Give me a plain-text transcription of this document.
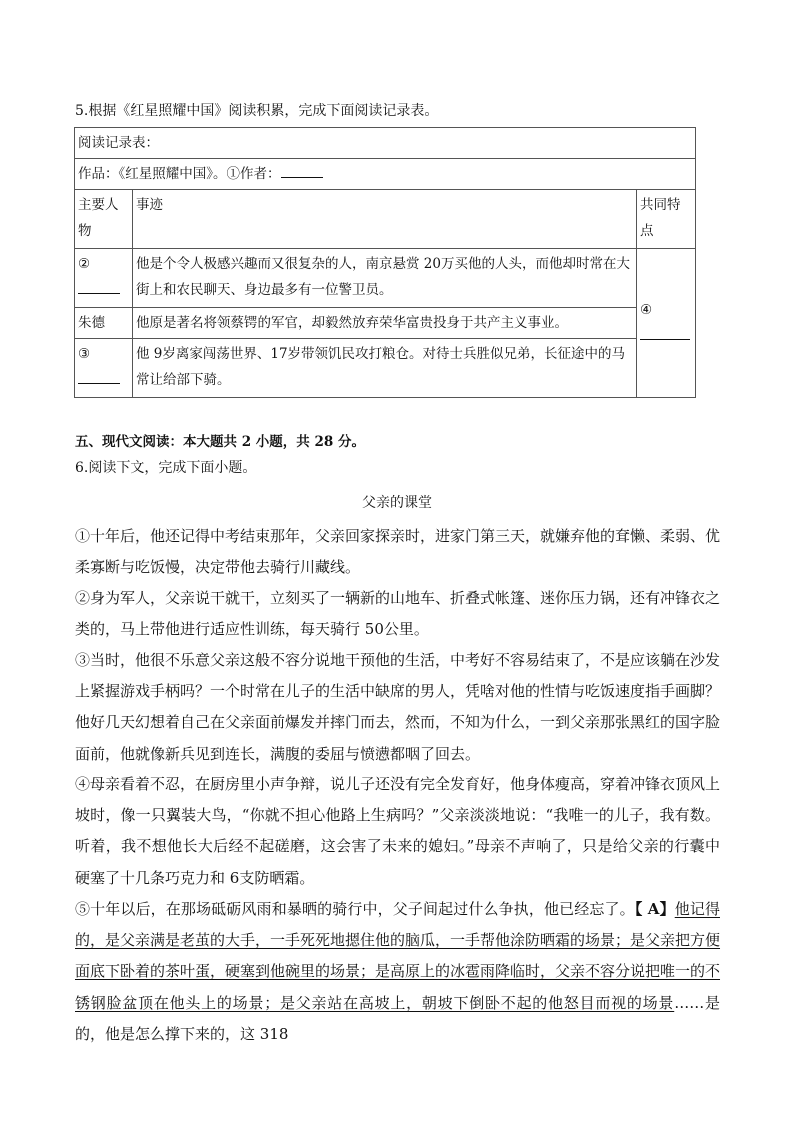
5.根据《红星照耀中国》阅读积累，完成下面阅读记录表。
阅读记录表：		
作品：《红星照耀中国》。①作者：		
主要人物	事迹	共同特点
②	他是个令人极感兴趣而又很复杂的人，南京悬赏 20万买他的人头，而他却时常在大街上和农民聊天、身边最多有一位警卫员。	④

朱德	他原是著名将领蔡锷的军官，却毅然放弃荣华富贵投身于共产主义事业。	
③	他 9岁离家闯荡世界、17岁带领饥民攻打粮仓。对待士兵胜似兄弟，长征途中的马常让给部下骑。	
五、现代文阅读：本大题共 2 小题，共 28 分。
6.阅读下文，完成下面小题。
父亲的课堂
①十年后，他还记得中考结束那年，父亲回家探亲时，进家门第三天，就嫌弃他的耷懒、柔弱、优柔寡断与吃饭慢，决定带他去骑行川藏线。
②身为军人，父亲说干就干，立刻买了一辆新的山地车、折叠式帐篷、迷你压力锅，还有冲锋衣之类的，马上带他进行适应性训练，每天骑行 50公里。
③当时，他很不乐意父亲这般不容分说地干预他的生活，中考好不容易结束了，不是应该躺在沙发上紧握游戏手柄吗？一个时常在儿子的生活中缺席的男人，凭啥对他的性情与吃饭速度指手画脚？他好几天幻想着自己在父亲面前爆发并摔门而去，然而，不知为什么，一到父亲那张黑红的国字脸面前，他就像新兵见到连长，满腹的委屈与愤懑都咽了回去。
④母亲看着不忍，在厨房里小声争辩，说儿子还没有完全发育好，他身体瘦高，穿着冲锋衣顶风上坡时，像一只翼装大鸟，“你就不担心他路上生病吗？”父亲淡淡地说：“我唯一的儿子，我有数。听着，我不想他长大后经不起磋磨，这会害了未来的媳妇。”母亲不声响了，只是给父亲的行囊中硬塞了十几条巧克力和 6支防晒霜。
⑤十年以后，在那场砥砺风雨和暴晒的骑行中，父子间起过什么争执，他已经忘了。【 A】他记得的，是父亲满是老茧的大手，一手死死地摁住他的脑瓜，一手帮他涂防晒霜的场景；是父亲把方便面底下卧着的茶叶蛋，硬塞到他碗里的场景；是高原上的冰雹雨降临时，父亲不容分说把唯一的不锈钢脸盆顶在他头上的场景；是父亲站在高坡上，朝坡下倒卧不起的他怒目而视的场景……是的，他是怎么撑下来的，这 318
